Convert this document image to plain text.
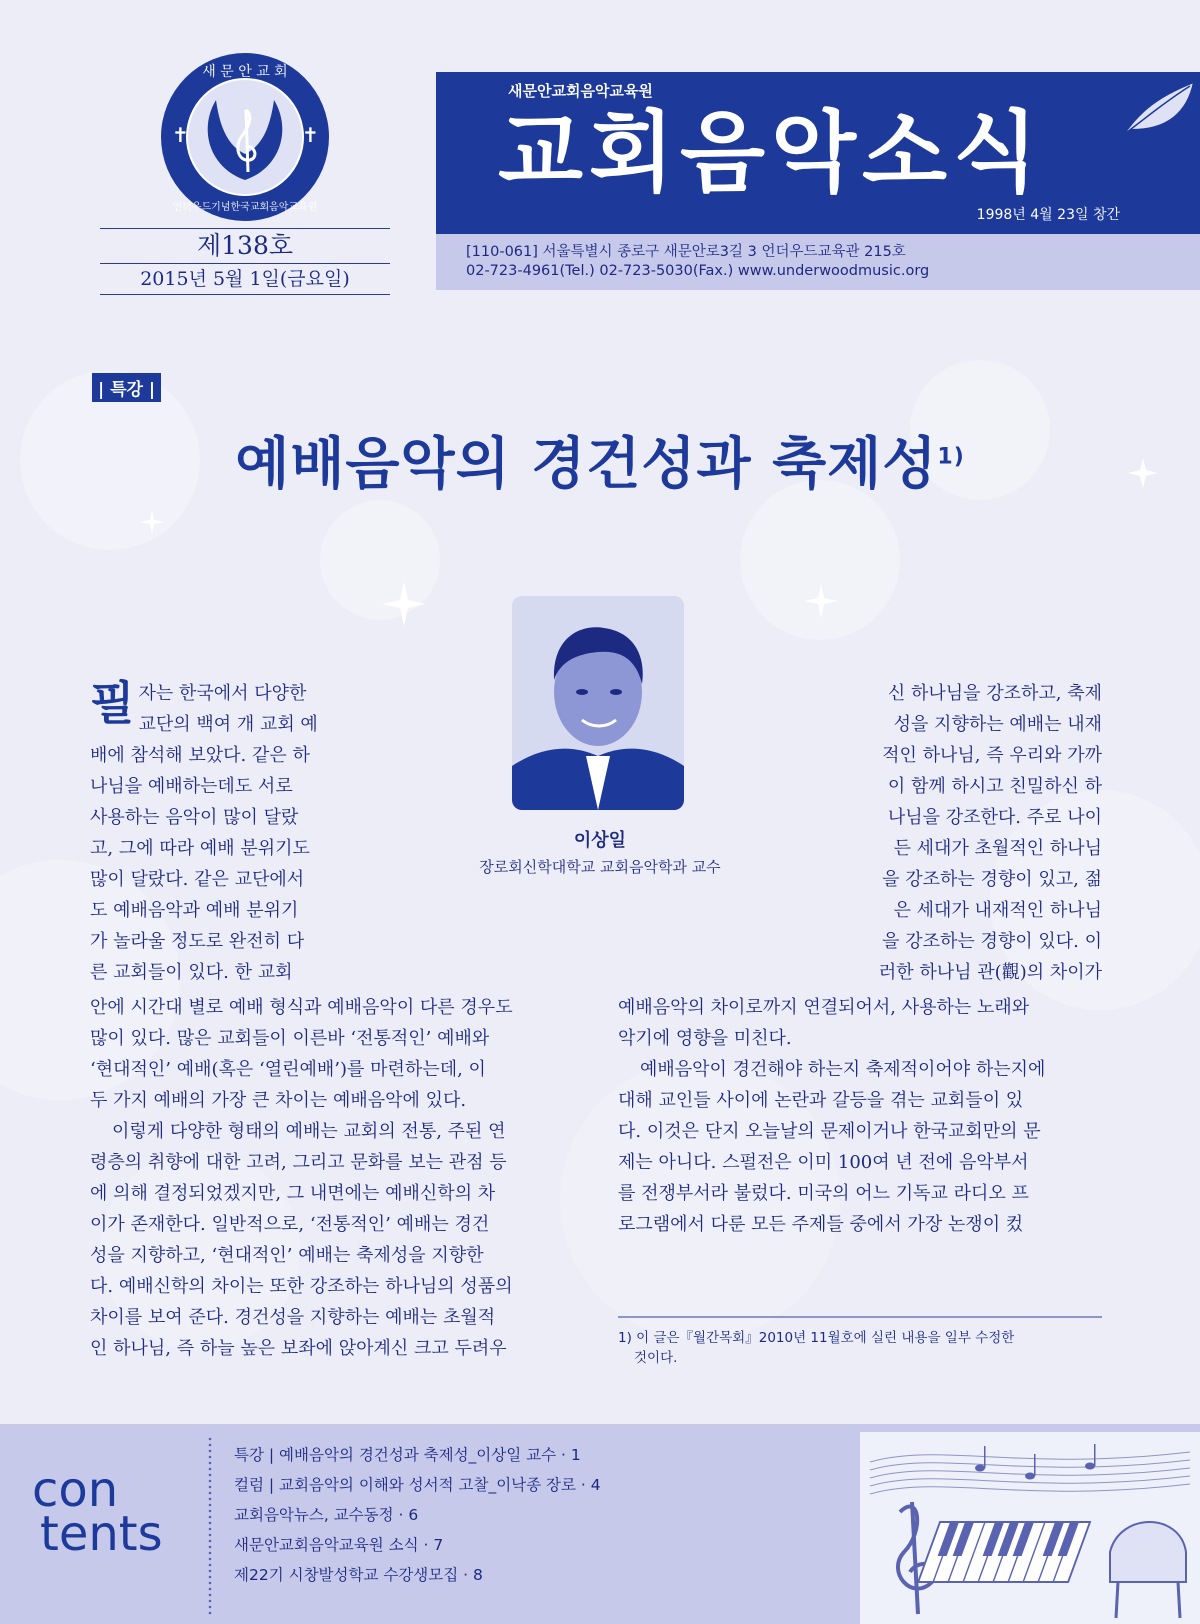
✝	✝
새 문 안 교 회
언더우드기념한국교회음악교육원
제138호
2015년 5월 1일(금요일)
새문안교회음악교육원
교회음악소식
1998년 4월 23일 창간
[110-061] 서울특별시 종로구 새문안로3길 3 언더우드교육관 215호
02-723-4961(Tel.) 02-723-5030(Fax.) www.underwoodmusic.org
| 특강 |
예배음악의 경건성과 축제성$^{1)}$
이상일
장로회신학대학교 교회음악학과 교수
필 자는 한국에서 다양한

교단의 백여 개 교회 예

배에 참석해 보았다. 같은 하

나님을 예배하는데도 서로

사용하는 음악이 많이 달랐

고, 그에 따라 예배 분위기도

많이 달랐다. 같은 교단에서

도 예배음악과 예배 분위기

가 놀라울 정도로 완전히 다

른 교회들이 있다. 한 교회

안에 시간대 별로 예배 형식과 예배음악이 다른 경우도

많이 있다. 많은 교회들이 이른바 ‘전통적인’ 예배와

‘현대적인’ 예배(혹은 ‘열린예배’)를 마련하는데, 이

두 가지 예배의 가장 큰 차이는 예배음악에 있다.

이렇게 다양한 형태의 예배는 교회의 전통, 주된 연

령층의 취향에 대한 고려, 그리고 문화를 보는 관점 등

에 의해 결정되었겠지만, 그 내면에는 예배신학의 차

이가 존재한다. 일반적으로, ‘전통적인’ 예배는 경건

성을 지향하고, ‘현대적인’ 예배는 축제성을 지향한

다. 예배신학의 차이는 또한 강조하는 하나님의 성품의

차이를 보여 준다. 경건성을 지향하는 예배는 초월적

인 하나님, 즉 하늘 높은 보좌에 앉아계신 크고 두려우

신 하나님을 강조하고, 축제

성을 지향하는 예배는 내재

적인 하나님, 즉 우리와 가까

이 함께 하시고 친밀하신 하

나님을 강조한다. 주로 나이

든 세대가 초월적인 하나님

을 강조하는 경향이 있고, 젊

은 세대가 내재적인 하나님

을 강조하는 경향이 있다. 이

러한 하나님 관(觀)의 차이가

예배음악의 차이로까지 연결되어서, 사용하는 노래와

악기에 영향을 미친다.

예배음악이 경건해야 하는지 축제적이어야 하는지에

대해 교인들 사이에 논란과 갈등을 겪는 교회들이 있

다. 이것은 단지 오늘날의 문제이거나 한국교회만의 문

제는 아니다. 스펄전은 이미 100여 년 전에 음악부서

를 전쟁부서라 불렀다. 미국의 어느 기독교 라디오 프

로그램에서 다룬 모든 주제들 중에서 가장 논쟁이 컸

1) 이 글은『월간목회』2010년 11월호에 실린 내용을 일부 수정한
것이다.
con
tents
특강 | 예배음악의 경건성과 축제성_이상일 교수 · 1
컬럼 | 교회음악의 이해와 성서적 고찰_이낙종 장로 · 4
교회음악뉴스, 교수동정 · 6
새문안교회음악교육원 소식 · 7
제22기 시창발성학교 수강생모집 · 8
